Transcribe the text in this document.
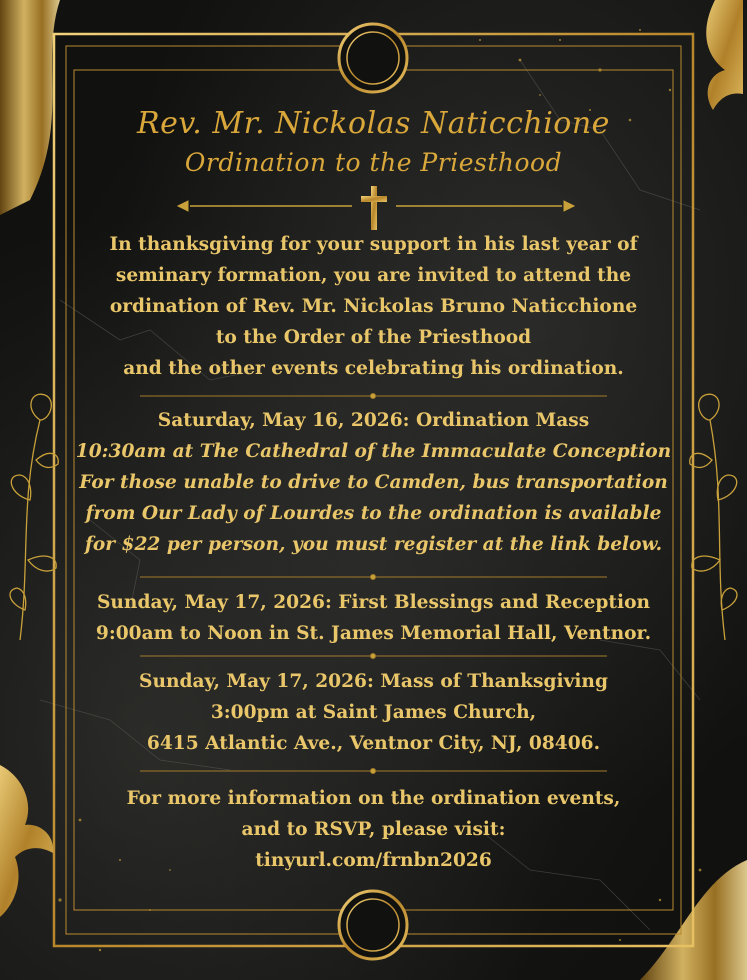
Rev. Mr. Nickolas Naticchione
Ordination to the Priesthood
In thanksgiving for your support in his last year of
seminary formation, you are invited to attend the
ordination of Rev. Mr. Nickolas Bruno Naticchione
to the Order of the Priesthood
and the other events celebrating his ordination.
Saturday, May 16, 2026: Ordination Mass
10:30am at The Cathedral of the Immaculate Conception
For those unable to drive to Camden, bus transportation
from Our Lady of Lourdes to the ordination is available
for $22 per person, you must register at the link below.
Sunday, May 17, 2026: First Blessings and Reception
9:00am to Noon in St. James Memorial Hall, Ventnor.
Sunday, May 17, 2026: Mass of Thanksgiving
3:00pm at Saint James Church,
6415 Atlantic Ave., Ventnor City, NJ, 08406.
For more information on the ordination events,
and to RSVP, please visit:
tinyurl.com/frnbn2026
